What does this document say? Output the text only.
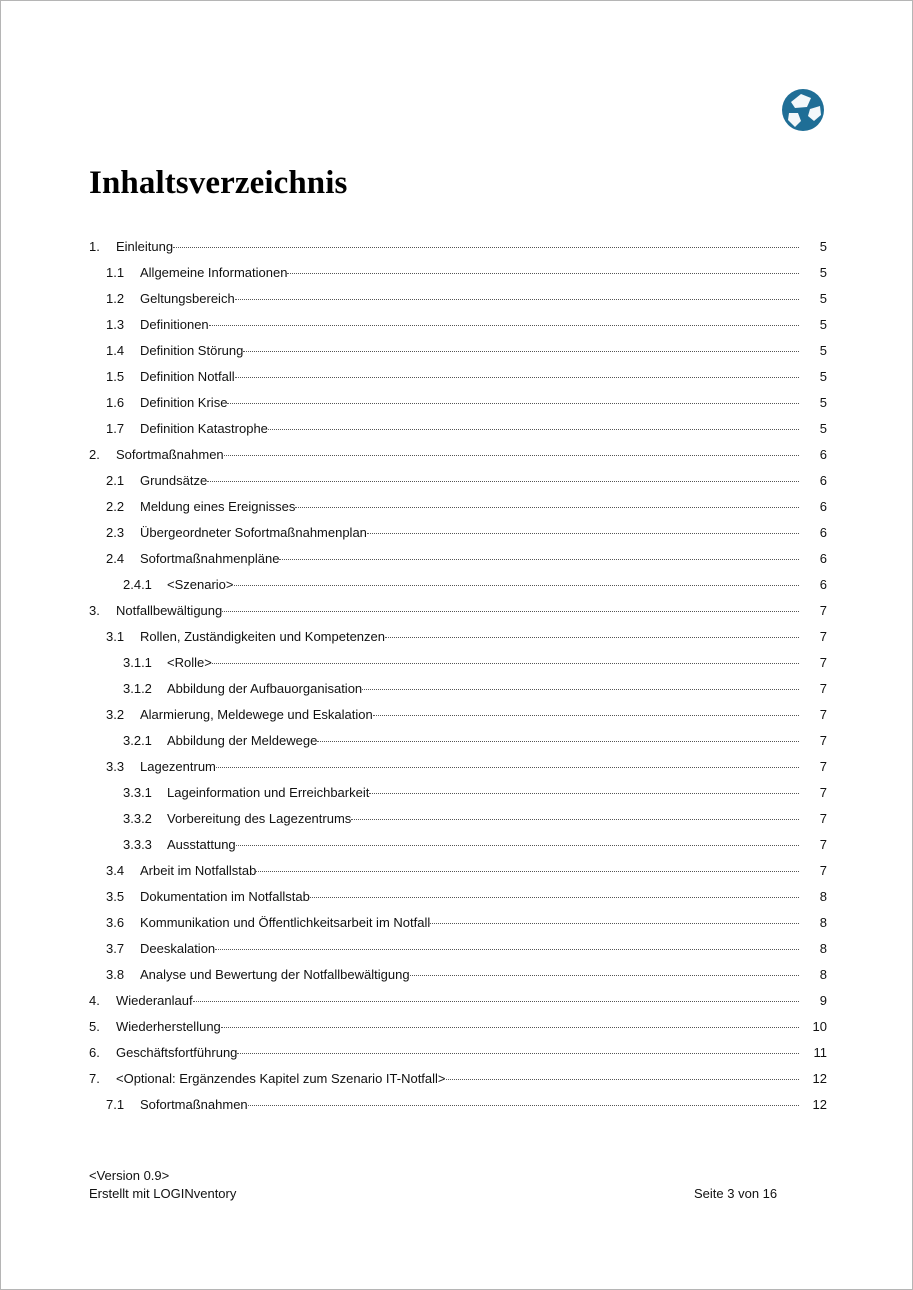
Inhaltsverzeichnis
1. Einleitung	5
1.1 Allgemeine Informationen	5
1.2 Geltungsbereich	5
1.3 Definitionen	5
1.4 Definition Störung	5
1.5 Definition Notfall	5
1.6 Definition Krise	5
1.7 Definition Katastrophe	5
2. Sofortmaßnahmen	6
2.1 Grundsätze	6
2.2 Meldung eines Ereignisses	6
2.3 Übergeordneter Sofortmaßnahmenplan	6
2.4 Sofortmaßnahmenpläne	6
2.4.1 <Szenario>	6
3. Notfallbewältigung	7
3.1 Rollen, Zuständigkeiten und Kompetenzen	7
3.1.1 <Rolle>	7
3.1.2 Abbildung der Aufbauorganisation	7
3.2 Alarmierung, Meldewege und Eskalation	7
3.2.1 Abbildung der Meldewege	7
3.3 Lagezentrum	7
3.3.1 Lageinformation und Erreichbarkeit	7
3.3.2 Vorbereitung des Lagezentrums	7
3.3.3 Ausstattung	7
3.4 Arbeit im Notfallstab	7
3.5 Dokumentation im Notfallstab	8
3.6 Kommunikation und Öffentlichkeitsarbeit im Notfall	8
3.7 Deeskalation	8
3.8 Analyse und Bewertung der Notfallbewältigung	8
4. Wiederanlauf	9
5. Wiederherstellung	10
6. Geschäftsfortführung	11
7. <Optional: Ergänzendes Kapitel zum Szenario IT-Notfall>	12
7.1 Sofortmaßnahmen	12
<Version 0.9>
Erstellt mit LOGINventory	Seite 3 von 16
